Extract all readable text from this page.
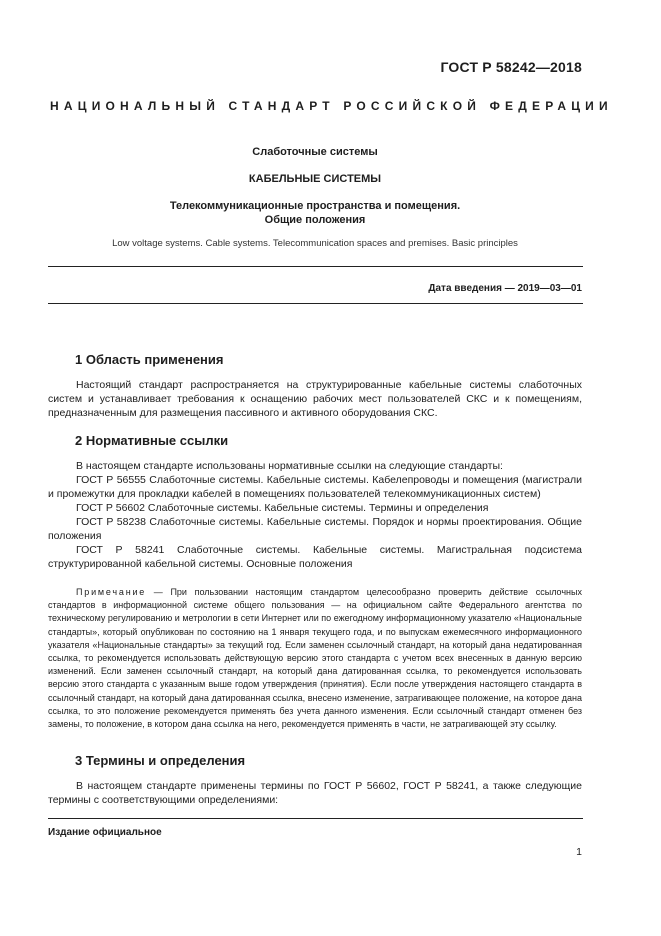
ГОСТ Р 58242—2018
НАЦИОНАЛЬНЫЙ СТАНДАРТ РОССИЙСКОЙ ФЕДЕРАЦИИ
Слаботочные системы
КАБЕЛЬНЫЕ СИСТЕМЫ
Телекоммуникационные пространства и помещения.
Общие положения
Low voltage systems. Cable systems. Telecommunication spaces and premises. Basic principles
Дата введения — 2019—03—01
1 Область применения
Настоящий стандарт распространяется на структурированные кабельные системы слаботочных систем и устанавливает требования к оснащению рабочих мест пользователей СКС и к помещениям, предназначенным для размещения пассивного и активного оборудования СКС.
2 Нормативные ссылки
В настоящем стандарте использованы нормативные ссылки на следующие стандарты:
ГОСТ Р 56555 Слаботочные системы. Кабельные системы. Кабелепроводы и помещения (магистрали и промежутки для прокладки кабелей в помещениях пользователей телекоммуникационных систем)
ГОСТ Р 56602 Слаботочные системы. Кабельные системы. Термины и определения
ГОСТ Р 58238 Слаботочные системы. Кабельные системы. Порядок и нормы проектирования. Общие положения
ГОСТ Р 58241 Слаботочные системы. Кабельные системы. Магистральная подсистема структурированной кабельной системы. Основные положения
Примечание — При пользовании настоящим стандартом целесообразно проверить действие ссылочных стандартов в информационной системе общего пользования — на официальном сайте Федерального агентства по техническому регулированию и метрологии в сети Интернет или по ежегодному информационному указателю «Национальные стандарты», который опубликован по состоянию на 1 января текущего года, и по выпускам ежемесячного информационного указателя «Национальные стандарты» за текущий год. Если заменен ссылочный стандарт, на который дана недатированная ссылка, то рекомендуется использовать действующую версию этого стандарта с учетом всех внесенных в данную версию изменений. Если заменен ссылочный стандарт, на который дана датированная ссылка, то рекомендуется использовать версию этого стандарта с указанным выше годом утверждения (принятия). Если после утверждения настоящего стандарта в ссылочный стандарт, на который дана датированная ссылка, внесено изменение, затрагивающее положение, на которое дана ссылка, то это положение рекомендуется применять без учета данного изменения. Если ссылочный стандарт отменен без замены, то положение, в котором дана ссылка на него, рекомендуется применять в части, не затрагивающей эту ссылку.
3 Термины и определения
В настоящем стандарте применены термины по ГОСТ Р 56602, ГОСТ Р 58241, а также следующие термины с соответствующими определениями:
Издание официальное
1
